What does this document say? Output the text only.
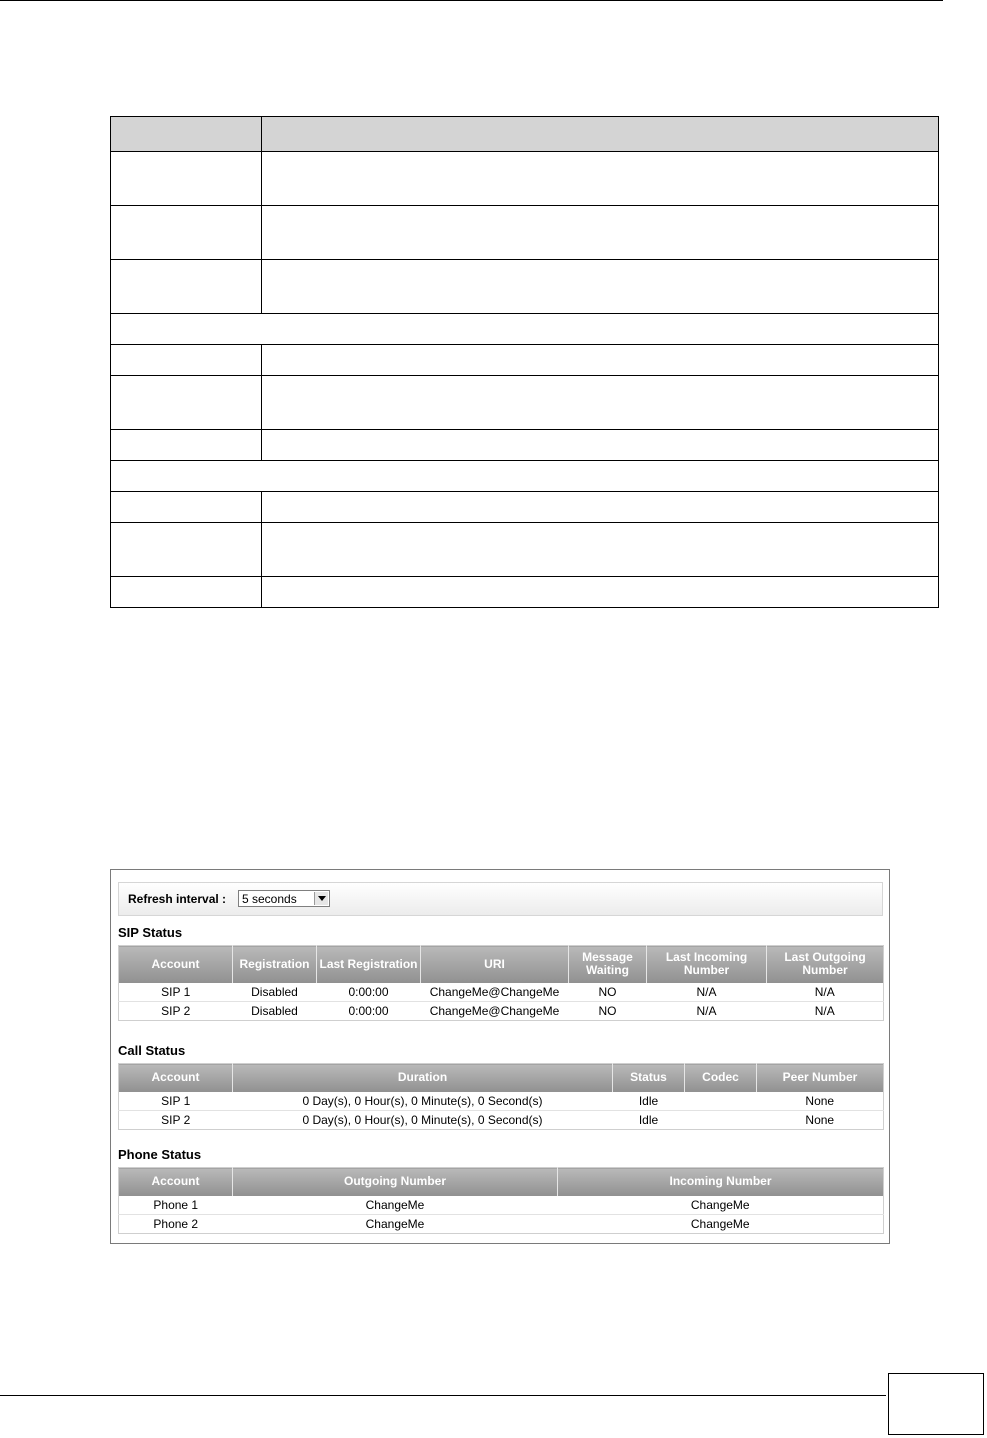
Refresh interval : 5 seconds
SIP Status
Account	Registration	Last Registration	URI	Message Waiting	Last Incoming Number	Last Outgoing Number
SIP 1	Disabled	0:00:00	ChangeMe@ChangeMe	NO	N/A	N/A
SIP 2	Disabled	0:00:00	ChangeMe@ChangeMe	NO	N/A	N/A
Call Status
Account	Duration	Status	Codec	Peer Number
SIP 1	0 Day(s), 0 Hour(s), 0 Minute(s), 0 Second(s)	Idle		None
SIP 2	0 Day(s), 0 Hour(s), 0 Minute(s), 0 Second(s)	Idle		None
Phone Status
Account	Outgoing Number	Incoming Number
Phone 1	ChangeMe	ChangeMe
Phone 2	ChangeMe	ChangeMe
